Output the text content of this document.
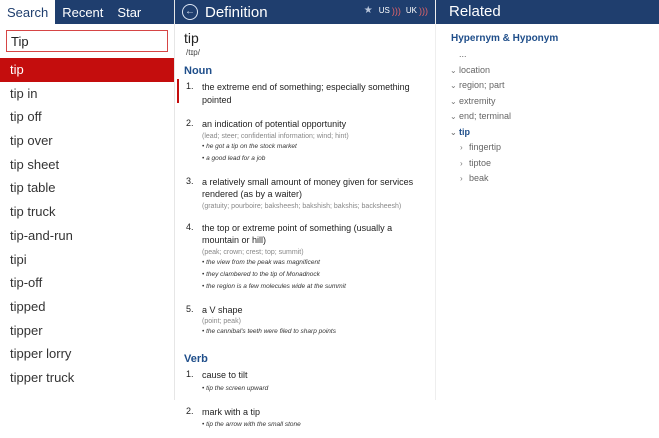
Search	Recent	Star
Tip
tip
tip in
tip off
tip over
tip sheet
tip table
tip truck
tip-and-run
tipi
tip-off
tipped
tipper
tipper lorry
tipper truck
← Definition	★ US ))) UK )))
tip
/tɪp/
Noun
1. the extreme end of something; especially something pointed
2. an indication of potential opportunity
(lead; steer; confidential information; wind; hint)
• he got a tip on the stock market
• a good lead for a job
3. a relatively small amount of money given for services rendered (as by a waiter)
(gratuity; pourboire; baksheesh; bakshish; bakshis; backsheesh)
4. the top or extreme point of something (usually a mountain or hill)
(peak; crown; crest; top; summit)
• the view from the peak was magnificent
• they clambered to the tip of Monadnock
• the region is a few molecules wide at the summit
5. a V shape
(point; peak)
• the cannibal's teeth were filed to sharp points
Verb
1. cause to tilt
• tip the screen upward
2. mark with a tip
• tip the arrow with the small stone
Related
Hypernym & Hyponym
...
⌄ location
⌄ region; part
⌄ extremity
⌄ end; terminal
⌄ tip
› fingertip
› tiptoe
› beak
